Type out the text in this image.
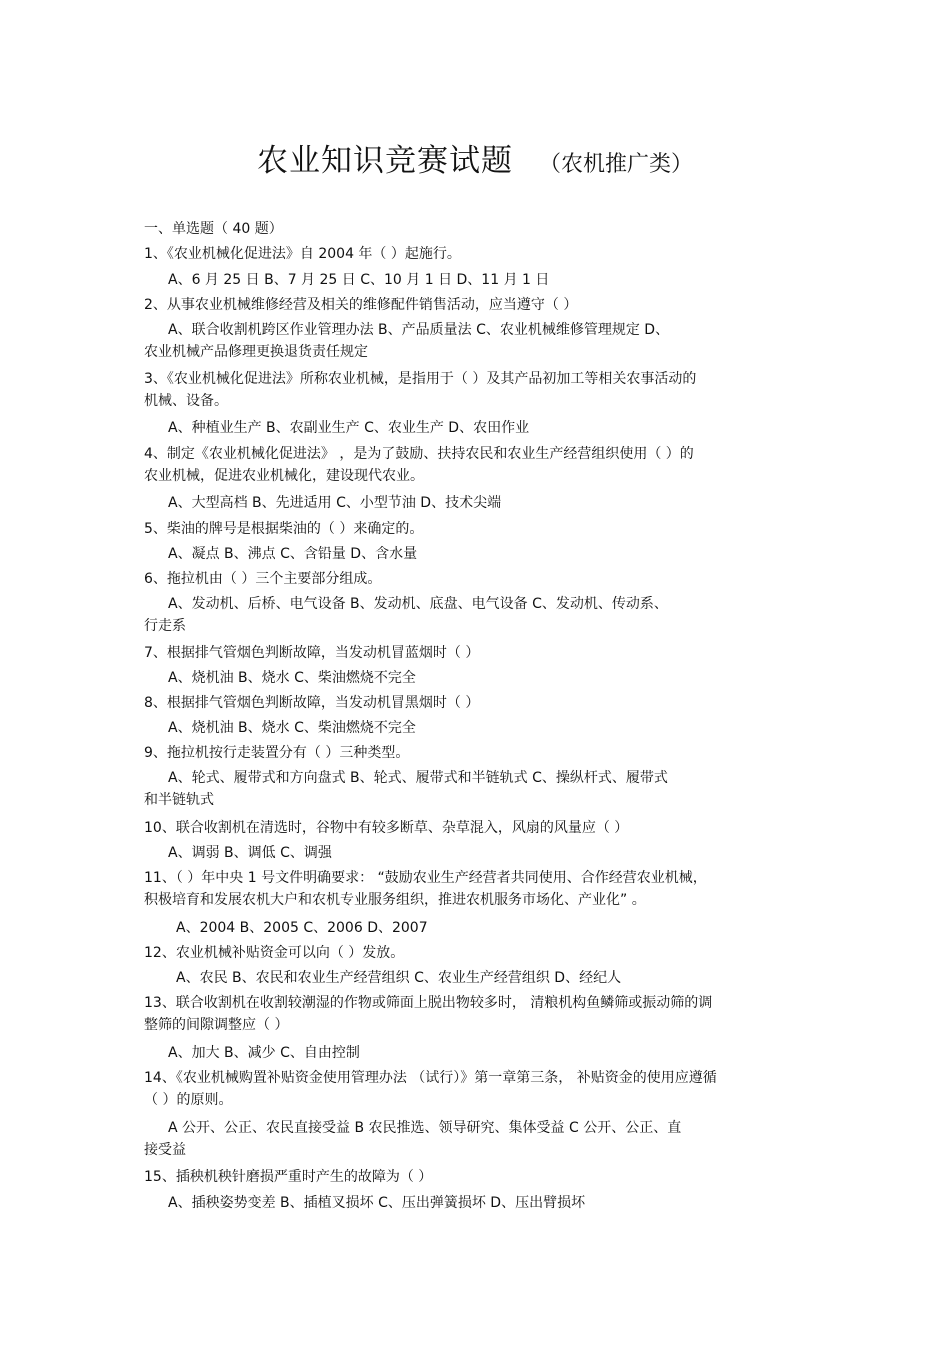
农业知识竞赛试题 （农机推广类）
一、单选题（ 40 题）
1、《农业机械化促进法》自 2004 年（ ）起施行。
A、6 月 25 日 B、7 月 25 日 C、10 月 1 日 D、11 月 1 日
2、从事农业机械维修经营及相关的维修配件销售活动，应当遵守（ ）
A、联合收割机跨区作业管理办法 B、产品质量法 C、农业机械维修管理规定 D、
农业机械产品修理更换退货责任规定
3、《农业机械化促进法》所称农业机械，是指用于（ ）及其产品初加工等相关农事活动的
机械、设备。
A、种植业生产 B、农副业生产 C、农业生产 D、农田作业
4、制定《农业机械化促进法》 ，是为了鼓励、扶持农民和农业生产经营组织使用（ ）的
农业机械，促进农业机械化，建设现代农业。
A、大型高档 B、先进适用 C、小型节油 D、技术尖端
5、柴油的牌号是根据柴油的（ ）来确定的。
A、凝点 B、沸点 C、含铅量 D、含水量
6、拖拉机由（ ）三个主要部分组成。
A、发动机、后桥、电气设备 B、发动机、底盘、电气设备 C、发动机、传动系、
行走系
7、根据排气管烟色判断故障，当发动机冒蓝烟时（ ）
A、烧机油 B、烧水 C、柴油燃烧不完全
8、根据排气管烟色判断故障，当发动机冒黑烟时（ ）
A、烧机油 B、烧水 C、柴油燃烧不完全
9、拖拉机按行走装置分有（ ）三种类型。
A、轮式、履带式和方向盘式 B、轮式、履带式和半链轨式 C、操纵杆式、履带式
和半链轨式
10、联合收割机在清选时，谷物中有较多断草、杂草混入，风扇的风量应（ ）
A、调弱 B、调低 C、调强
11、（ ）年中央 1 号文件明确要求： “鼓励农业生产经营者共同使用、合作经营农业机械，
积极培育和发展农机大户和农机专业服务组织，推进农机服务市场化、产业化” 。
A、2004 B、2005 C、2006 D、2007
12、农业机械补贴资金可以向（ ）发放。
A、农民 B、农民和农业生产经营组织 C、农业生产经营组织 D、经纪人
13、联合收割机在收割较潮湿的作物或筛面上脱出物较多时， 清粮机构鱼鳞筛或振动筛的调
整筛的间隙调整应（ ）
A、加大 B、减少 C、自由控制
14、《农业机械购置补贴资金使用管理办法 （试行）》第一章第三条， 补贴资金的使用应遵循
（ ）的原则。
A 公开、公正、农民直接受益 B 农民推选、领导研究、集体受益 C 公开、公正、直
接受益
15、插秧机秧针磨损严重时产生的故障为（ ）
A、插秧姿势变差 B、插植叉损坏 C、压出弹簧损坏 D、压出臂损坏
